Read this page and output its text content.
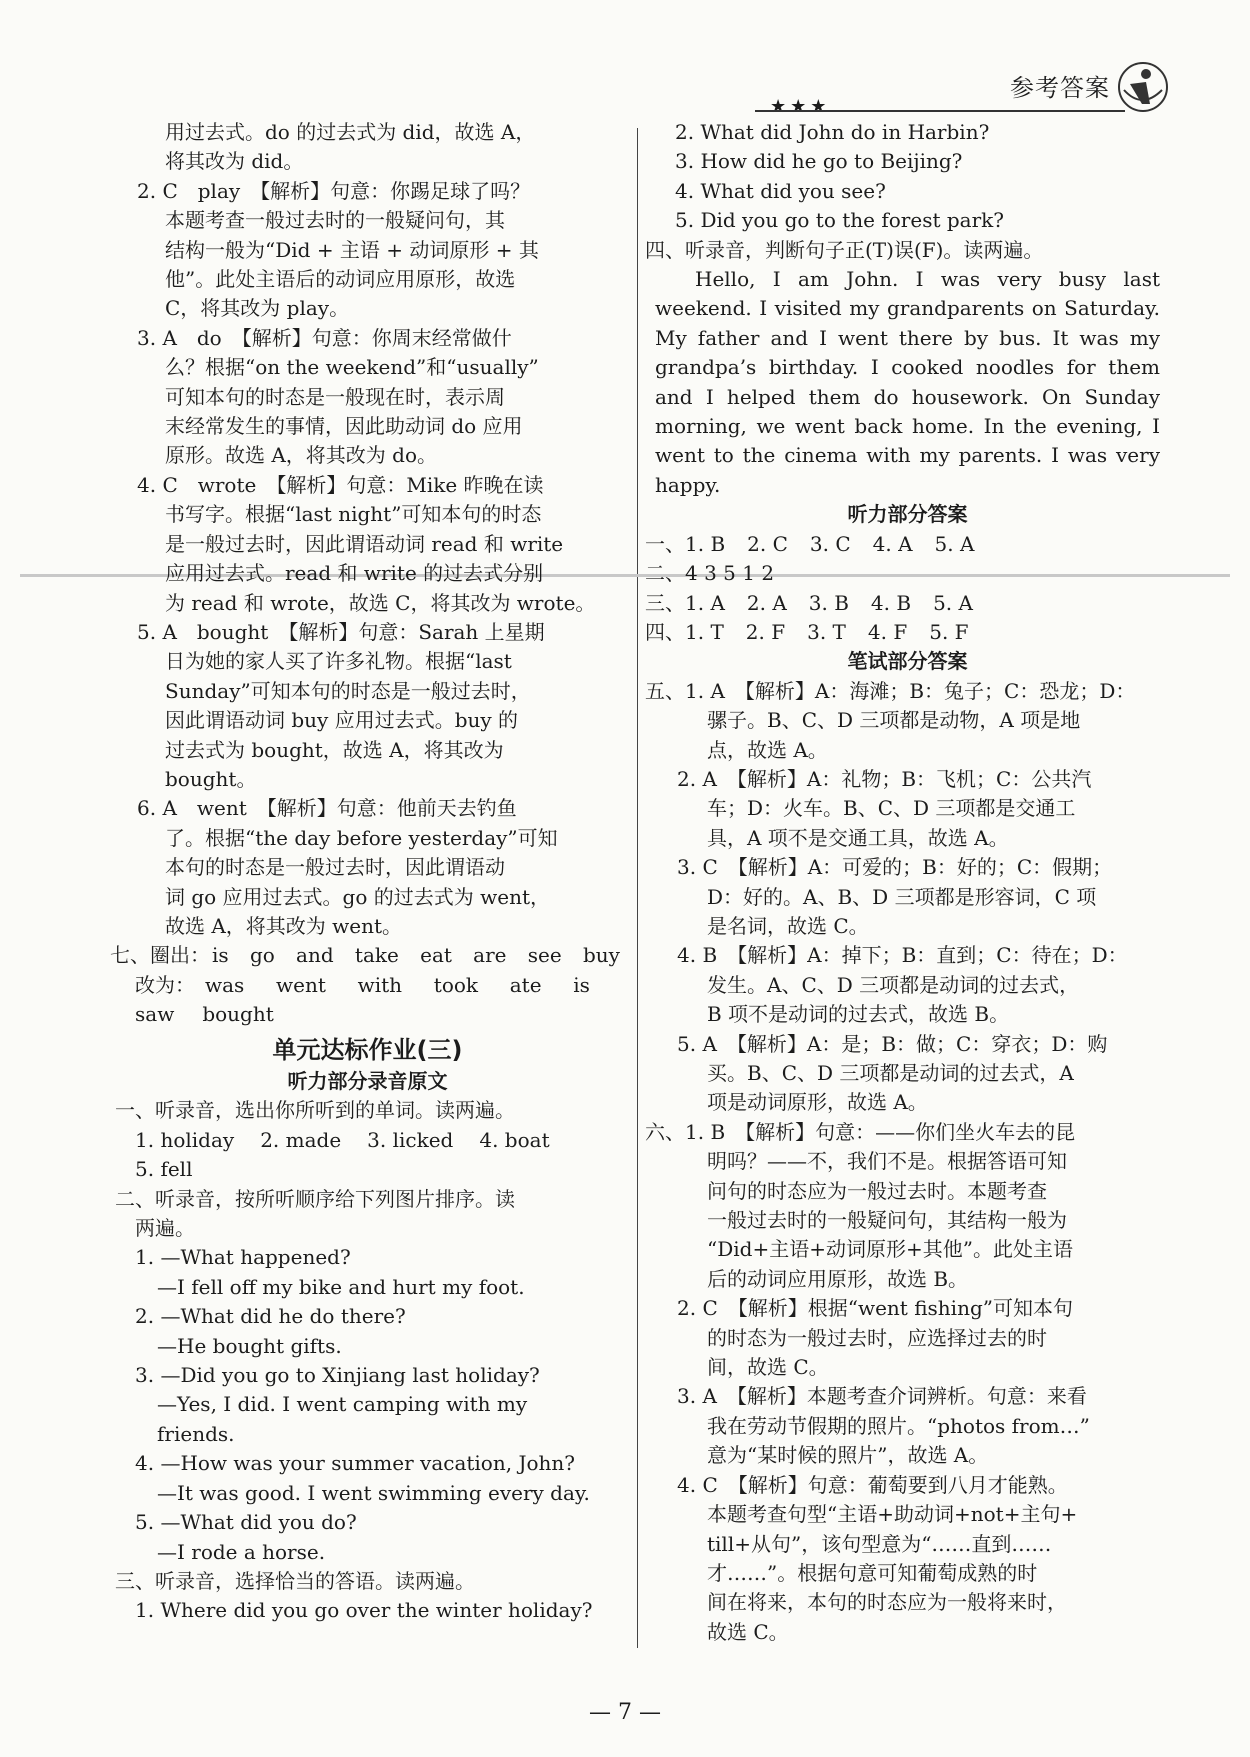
参考答案
★★★
用过去式。do 的过去式为 did，故选 A，
将其改为 did。
2. C　play　【解析】句意：你踢足球了吗？
本题考查一般过去时的一般疑问句，其
结构一般为“Did + 主语 + 动词原形 + 其
他”。此处主语后的动词应用原形，故选
C，将其改为 play。
3. A　do　【解析】句意：你周末经常做什
么？根据“on the weekend”和“usually”
可知本句的时态是一般现在时，表示周
末经常发生的事情，因此助动词 do 应用
原形。故选 A，将其改为 do。
4. C　wrote　【解析】句意：Mike 昨晚在读
书写字。根据“last night”可知本句的时态
是一般过去时，因此谓语动词 read 和 write
应用过去式。read 和 write 的过去式分别
为 read 和 wrote，故选 C，将其改为 wrote。
5. A　bought　【解析】句意：Sarah 上星期
日为她的家人买了许多礼物。根据“last
Sunday”可知本句的时态是一般过去时，
因此谓语动词 buy 应用过去式。buy 的
过去式为 bought，故选 A，将其改为
bought。
6. A　went　【解析】句意：他前天去钓鱼
了。根据“the day before yesterday”可知
本句的时态是一般过去时，因此谓语动
词 go 应用过去式。go 的过去式为 went，
故选 A，将其改为 went。
七、圈出： is go and take eat are see buy
改为： was went with took ate is
saw bought
单元达标作业(三)
听力部分录音原文
一、听录音，选出你所听到的单词。读两遍。
1. holiday 2. made 3. licked 4. boat
5. fell
二、听录音，按所听顺序给下列图片排序。读
两遍。
1. —What happened?
—I fell off my bike and hurt my foot.
2. —What did he do there?
—He bought gifts.
3. —Did you go to Xinjiang last holiday?
—Yes, I did. I went camping with my
friends.
4. —How was your summer vacation, John?
—It was good. I went swimming every day.
5. —What did you do?
—I rode a horse.
三、听录音，选择恰当的答语。读两遍。
1. Where did you go over the winter holiday?
2. What did John do in Harbin?
3. How did he go to Beijing?
4. What did you see?
5. Did you go to the forest park?
四、听录音，判断句子正(T)误(F)。读两遍。
Hello, I am John. I was very busy last weekend. I visited my grandparents on Saturday. My father and I went there by bus. It was my grandpa’s birthday. I cooked noodles for them and I helped them do housework. On Sunday morning, we went back home. In the evening, I went to the cinema with my parents. I was very happy.
听力部分答案
一、 1. B 2. C 3. C 4. A 5. A
二、4 3 5 1 2
三、 1. A 2. A 3. B 4. B 5. A
四、 1. T 2. F 3. T 4. F 5. F
笔试部分答案
五、1. A　【解析】A：海滩；B：兔子；C：恐龙；D：
骡子。B、C、D 三项都是动物，A 项是地
点，故选 A。
2. A　【解析】A：礼物；B：飞机；C：公共汽
车；D：火车。B、C、D 三项都是交通工
具，A 项不是交通工具，故选 A。
3. C　【解析】A：可爱的；B：好的；C：假期；
D：好的。A、B、D 三项都是形容词，C 项
是名词，故选 C。
4. B　【解析】A：掉下；B：直到；C：待在；D：
发生。A、C、D 三项都是动词的过去式，
B 项不是动词的过去式，故选 B。
5. A　【解析】A：是；B：做；C：穿衣；D：购
买。B、C、D 三项都是动词的过去式，A
项是动词原形，故选 A。
六、1. B　【解析】句意：——你们坐火车去的昆
明吗？——不，我们不是。根据答语可知
问句的时态应为一般过去时。本题考查
一般过去时的一般疑问句，其结构一般为
“Did+主语+动词原形+其他”。此处主语
后的动词应用原形，故选 B。
2. C　【解析】根据“went fishing”可知本句
的时态为一般过去时，应选择过去的时
间，故选 C。
3. A　【解析】本题考查介词辨析。句意：来看
我在劳动节假期的照片。“photos from…”
意为“某时候的照片”，故选 A。
4. C　【解析】句意：葡萄要到八月才能熟。
本题考查句型“主语+助动词+not+主句+
till+从句”，该句型意为“……直到……
才……”。根据句意可知葡萄成熟的时
间在将来，本句的时态应为一般将来时，
故选 C。
— 7 —
